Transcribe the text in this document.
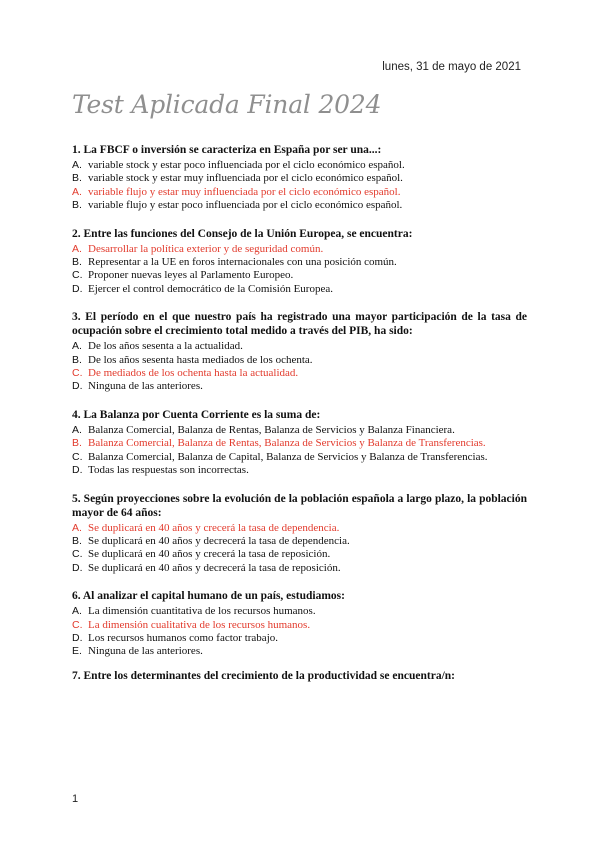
lunes, 31 de mayo de 2021
Test Aplicada Final 2024
1. La FBCF o inversión se caracteriza en España por ser una...:
A. variable stock y estar poco influenciada por el ciclo económico español.
B. variable stock y estar muy influenciada por el ciclo económico español.
A. variable flujo y estar muy influenciada por el ciclo económico español.
B. variable flujo y estar poco influenciada por el ciclo económico español.
2. Entre las funciones del Consejo de la Unión Europea, se encuentra:
A. Desarrollar la política exterior y de seguridad común.
B. Representar a la UE en foros internacionales con una posición común.
C. Proponer nuevas leyes al Parlamento Europeo.
D. Ejercer el control democrático de la Comisión Europea.
3. El período en el que nuestro país ha registrado una mayor participación de la tasa de ocupación sobre el crecimiento total medido a través del PIB, ha sido:
A. De los años sesenta a la actualidad.
B. De los años sesenta hasta mediados de los ochenta.
C. De mediados de los ochenta hasta la actualidad.
D. Ninguna de las anteriores.
4. La Balanza por Cuenta Corriente es la suma de:
A. Balanza Comercial, Balanza de Rentas, Balanza de Servicios y Balanza Financiera.
B. Balanza Comercial, Balanza de Rentas, Balanza de Servicios y Balanza de Transferencias.
C. Balanza Comercial, Balanza de Capital, Balanza de Servicios y Balanza de Transferencias.
D. Todas las respuestas son incorrectas.
5. Según proyecciones sobre la evolución de la población española a largo plazo, la población mayor de 64 años:
A. Se duplicará en 40 años y crecerá la tasa de dependencia.
B. Se duplicará en 40 años y decrecerá la tasa de dependencia.
C. Se duplicará en 40 años y crecerá la tasa de reposición.
D. Se duplicará en 40 años y decrecerá la tasa de reposición.
6. Al analizar el capital humano de un país, estudiamos:
A. La dimensión cuantitativa de los recursos humanos.
C. La dimensión cualitativa de los recursos humanos.
D. Los recursos humanos como factor trabajo.
E. Ninguna de las anteriores.
7. Entre los determinantes del crecimiento de la productividad se encuentra/n:
1
